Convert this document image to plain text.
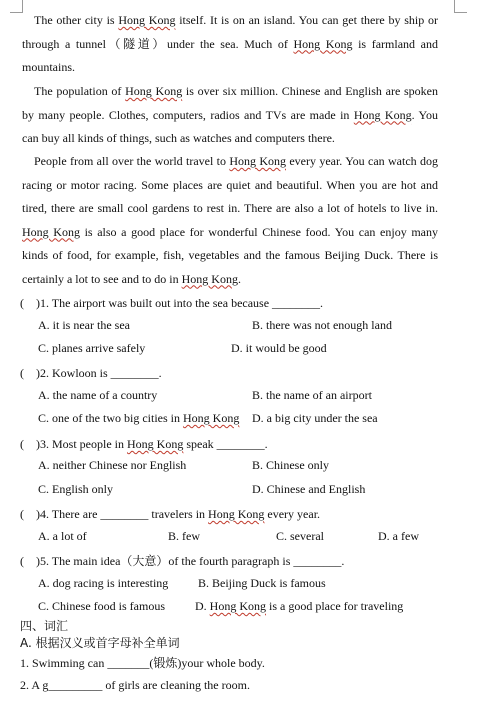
The other city is Hong Kong itself. It is on an island. You can get there by ship or
through a tunnel（隧道）under the sea. Much of Hong Kong is farmland and
mountains.
The population of Hong Kong is over six million. Chinese and English are spoken
by many people. Clothes, computers, radios and TVs are made in Hong Kong. You
can buy all kinds of things, such as watches and computers there.
People from all over the world travel to Hong Kong every year. You can watch dog
racing or motor racing. Some places are quiet and beautiful. When you are hot and
tired, there are small cool gardens to rest in. There are also a lot of hotels to live in.
Hong Kong is also a good place for wonderful Chinese food. You can enjoy many
kinds of food, for example, fish, vegetables and the famous Beijing Duck. There is
certainly a lot to see and to do in Hong Kong.
(　)1. The airport was built out into the sea because ________.
A. it is near the sea	B. there was not enough land
C. planes arrive safely	D. it would be good
(　)2. Kowloon is ________.
A. the name of a country	B. the name of an airport
C. one of the two big cities in Hong Kong D. a big city under the sea
(　)3. Most people in Hong Kong speak ________.
A. neither Chinese nor English	B. Chinese only
C. English only	D. Chinese and English
(　)4. There are ________ travelers in Hong Kong every year.
A. a lot of	B. few	C. several	D. a few
(　)5. The main idea（大意）of the fourth paragraph is ________.
A. dog racing is interesting B. Beijing Duck is famous
C. Chinese food is famous	D. Hong Kong is a good place for traveling
四、词汇
A. 根据汉义或首字母补全单词
1. Swimming can _______(锻炼)your whole body.
2. A g_________ of girls are cleaning the room.
